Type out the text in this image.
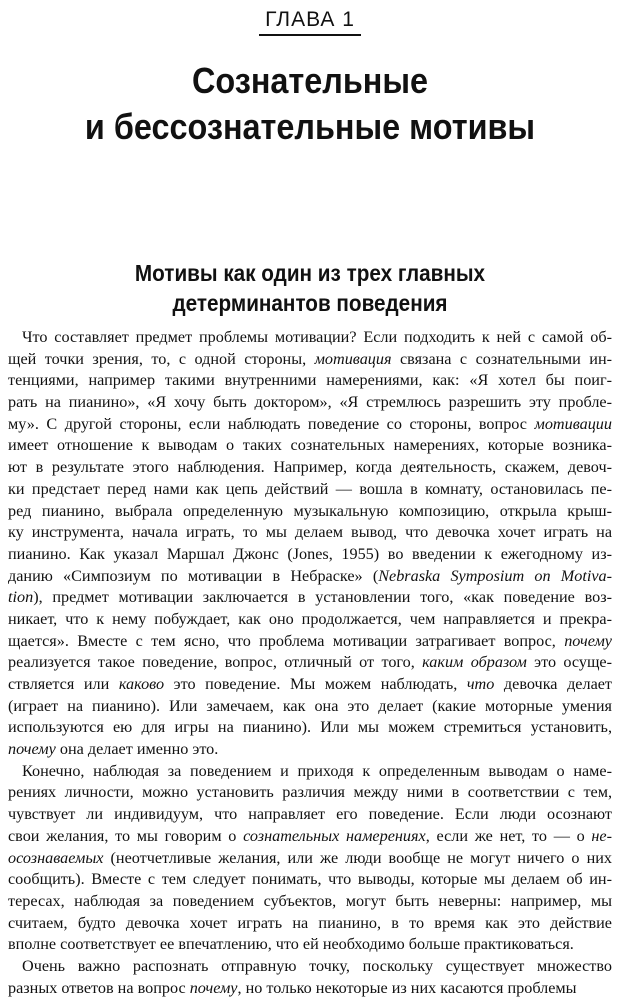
ГЛАВА 1
Сознательные
и бессознательные мотивы
Мотивы как один из трех главных
детерминантов поведения
Что составляет предмет проблемы мотивации? Если подходить к ней с самой об-
щей точки зрения, то, с одной стороны, мотивация связана с сознательными ин-
тенциями, например такими внутренними намерениями, как: «Я хотел бы поиг-
рать на пианино», «Я хочу быть доктором», «Я стремлюсь разрешить эту пробле-
му». С другой стороны, если наблюдать поведение со стороны, вопрос мотивации
имеет отношение к выводам о таких сознательных намерениях, которые возника-
ют в результате этого наблюдения. Например, когда деятельность, скажем, девоч-
ки предстает перед нами как цепь действий — вошла в комнату, остановилась пе-
ред пианино, выбрала определенную музыкальную композицию, открыла крыш-
ку инструмента, начала играть, то мы делаем вывод, что девочка хочет играть на
пианино. Как указал Маршал Джонс (Jones, 1955) во введении к ежегодному из-
данию «Симпозиум по мотивации в Небраске» (Nebraska Symposium on Motiva-
tion), предмет мотивации заключается в установлении того, «как поведение воз-
никает, что к нему побуждает, как оно продолжается, чем направляется и прекра-
щается». Вместе с тем ясно, что проблема мотивации затрагивает вопрос, почему
реализуется такое поведение, вопрос, отличный от того, каким образом это осуще-
ствляется или каково это поведение. Мы можем наблюдать, что девочка делает
(играет на пианино). Или замечаем, как она это делает (какие моторные умения
используются ею для игры на пианино). Или мы можем стремиться установить,
почему она делает именно это.
Конечно, наблюдая за поведением и приходя к определенным выводам о наме-
рениях личности, можно установить различия между ними в соответствии с тем,
чувствует ли индивидуум, что направляет его поведение. Если люди осознают
свои желания, то мы говорим о сознательных намерениях, если же нет, то — о не-
осознаваемых (неотчетливые желания, или же люди вообще не могут ничего о них
сообщить). Вместе с тем следует понимать, что выводы, которые мы делаем об ин-
тересах, наблюдая за поведением субъектов, могут быть неверны: например, мы
считаем, будто девочка хочет играть на пианино, в то время как это действие
вполне соответствует ее впечатлению, что ей необходимо больше практиковаться.
Очень важно распознать отправную точку, поскольку существует множество
разных ответов на вопрос почему, но только некоторые из них касаются проблемы
